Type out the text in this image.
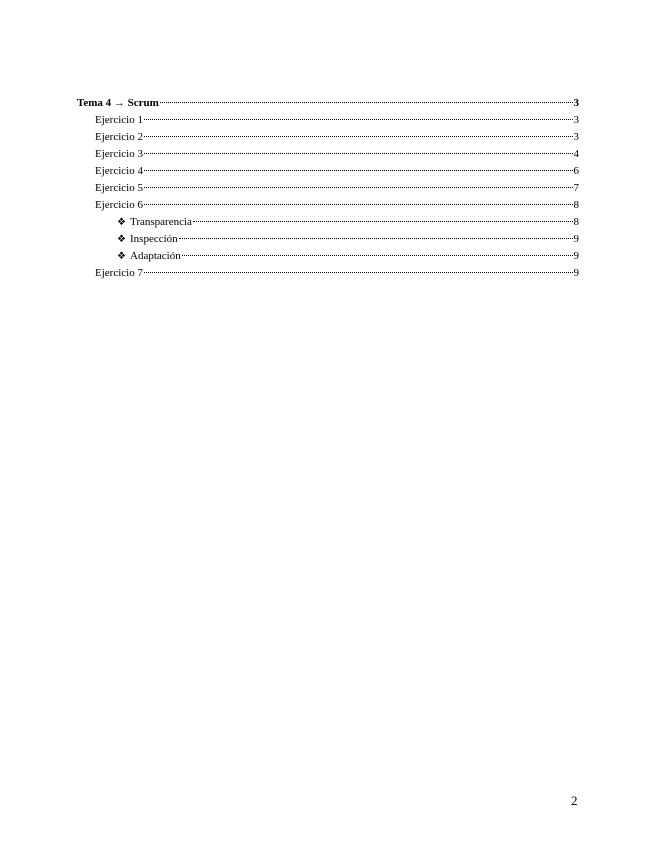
Tema 4 → Scrum	3
Ejercicio 1	3
Ejercicio 2	3
Ejercicio 3	4
Ejercicio 4	6
Ejercicio 5	7
Ejercicio 6	8
❖ Transparencia	8
❖ Inspección	9
❖ Adaptación	9
Ejercicio 7	9
2
